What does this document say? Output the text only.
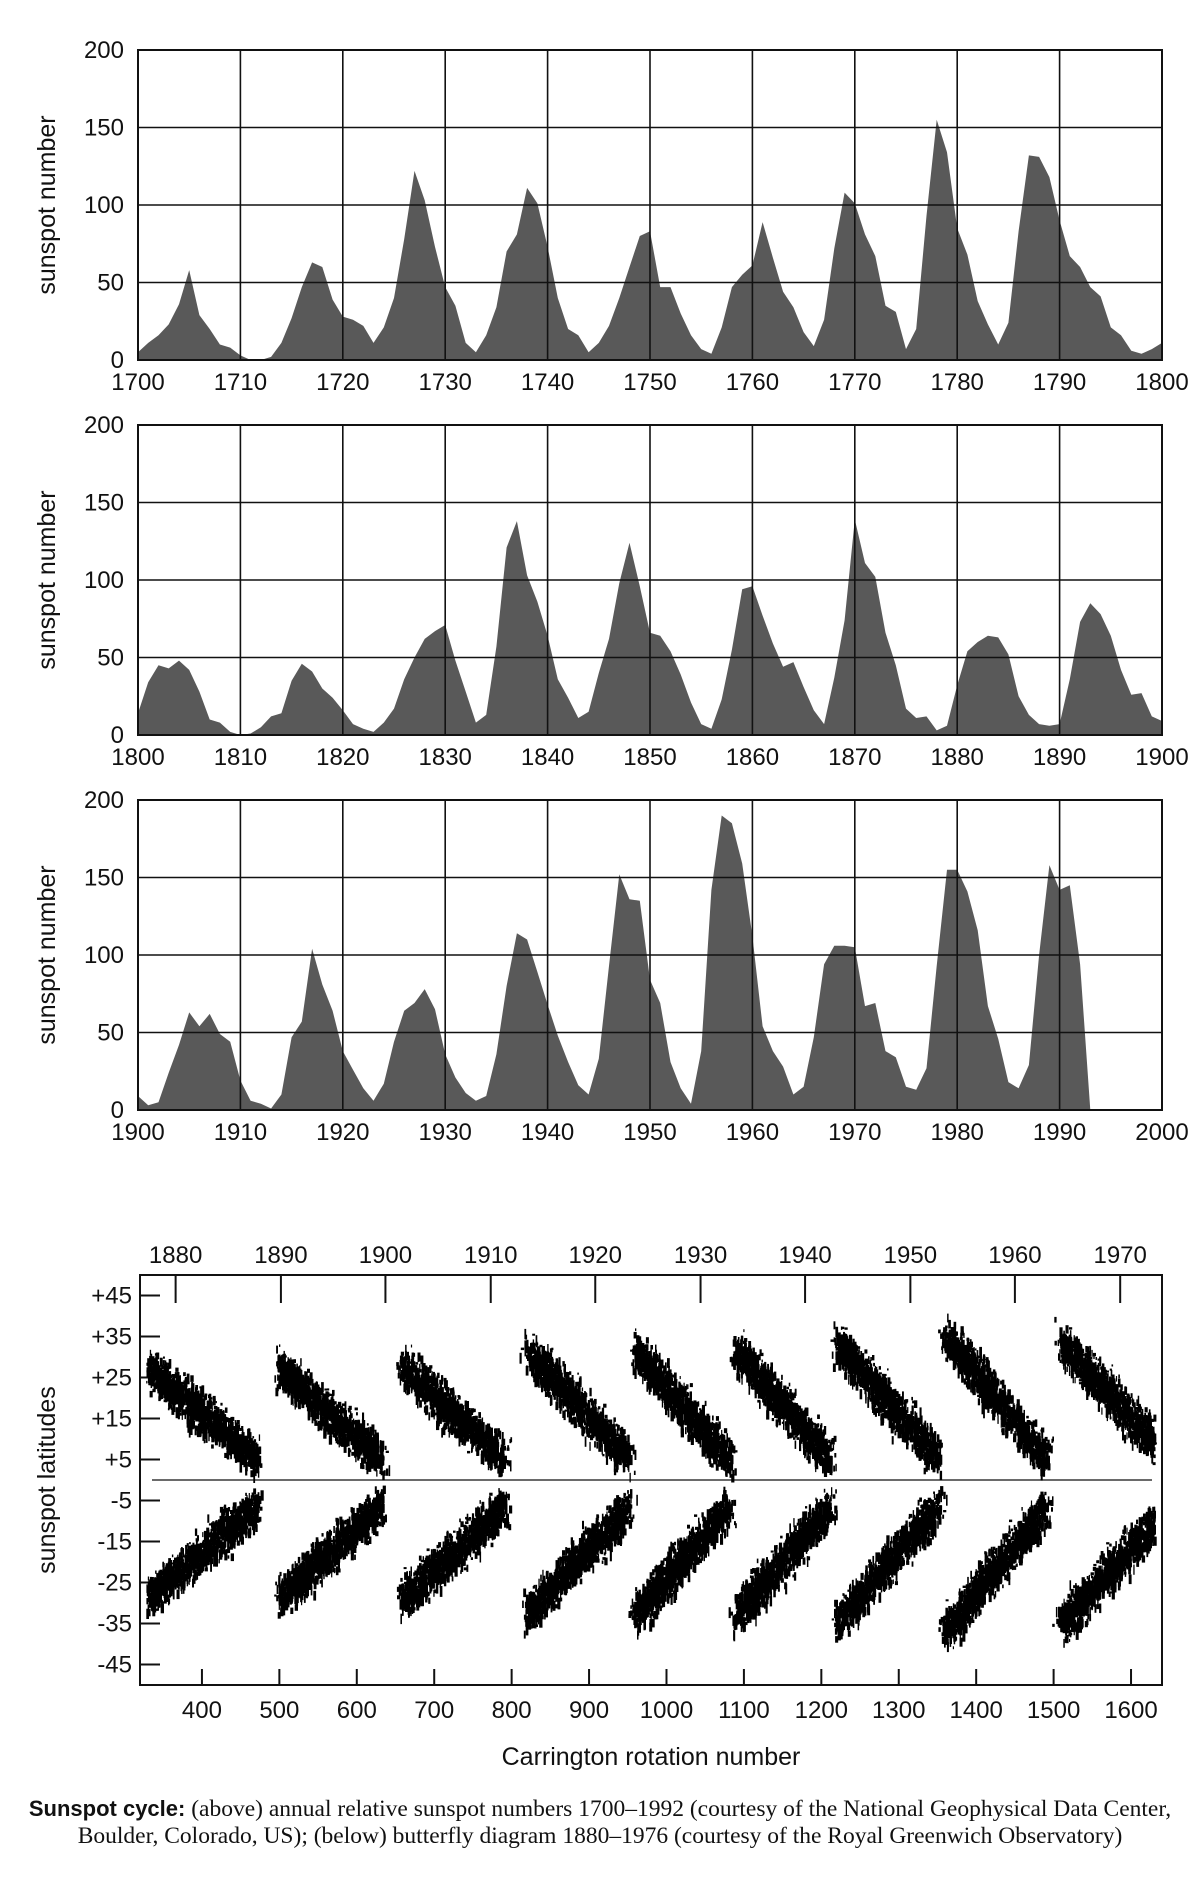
1700 1710 1720 1730 1740 1750 1760 1770 1780 1790 1800
0
50
100
150
200
sunspot number
1800 1810 1820 1830 1840 1850 1860 1870 1880 1890 1900
0
50
100
150
200
sunspot number
1900 1910 1920 1930 1940 1950 1960 1970 1980 1990 2000
0
50
100
150
200
sunspot number
400 500 600 700 800 900 1000 1100 1200 1300 1400 1500 1600
1880 1890 1900 1910 1920 1930 1940 1950 1960 1970
+45
+35
+25
+15
+5
-5
-15
-25
-35
-45
Carrington rotation number
sunspot latitudes
Sunspot cycle: (above) annual relative sunspot numbers 1700–1992 (courtesy of the National Geophysical Data Center, Boulder, Colorado, US); (below) butterfly diagram 1880–1976 (courtesy of the Royal Greenwich Observatory)
